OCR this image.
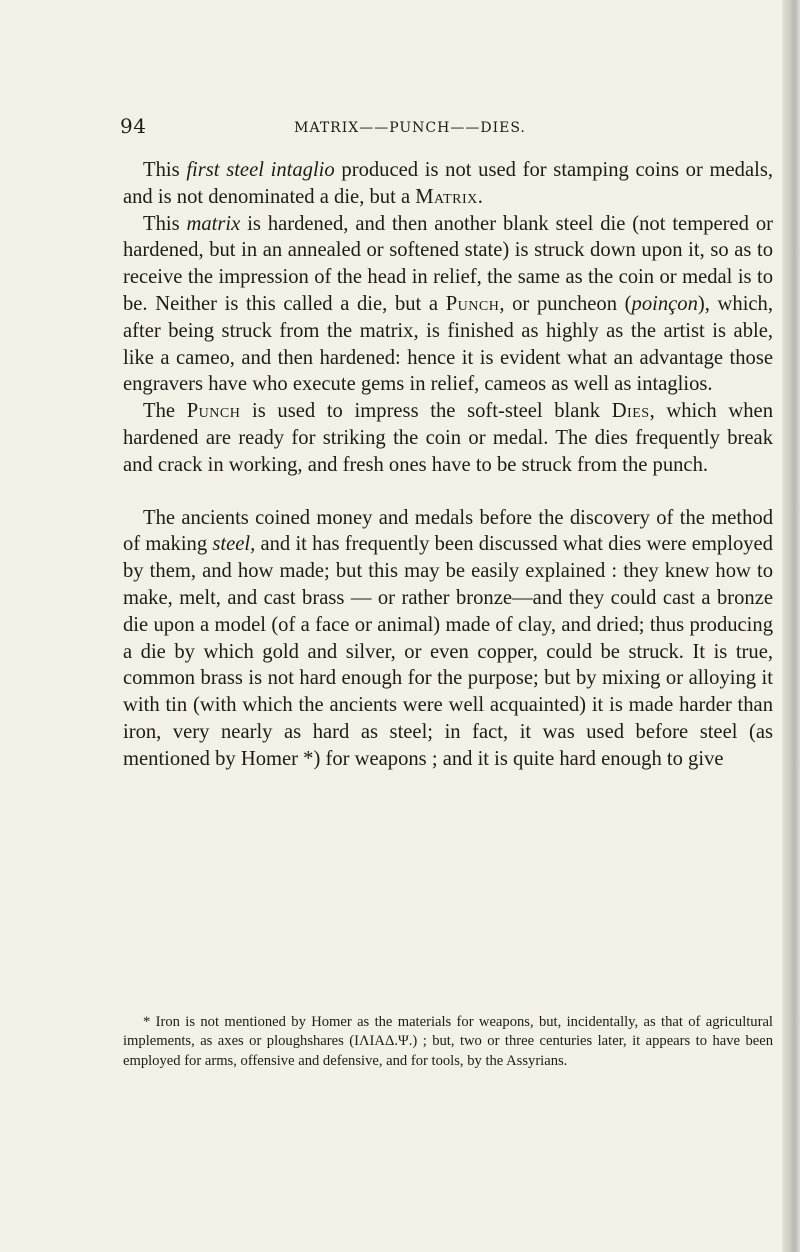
94	MATRIX——PUNCH——DIES.

This first steel intaglio produced is not used for stamping coins or medals, and is not denominated a die, but a Matrix.

This matrix is hardened, and then another blank steel die (not tempered or hardened, but in an annealed or softened state) is struck down upon it, so as to receive the impression of the head in relief, the same as the coin or medal is to be. Neither is this called a die, but a Punch, or puncheon (poinçon), which, after being struck from the matrix, is finished as highly as the artist is able, like a cameo, and then hardened: hence it is evident what an advantage those engravers have who execute gems in relief, cameos as well as intaglios.

The Punch is used to impress the soft-steel blank Dies, which when hardened are ready for striking the coin or medal. The dies frequently break and crack in working, and fresh ones have to be struck from the punch.

The ancients coined money and medals before the discovery of the method of making steel, and it has frequently been discussed what dies were employed by them, and how made; but this may be easily explained : they knew how to make, melt, and cast brass — or rather bronze—and they could cast a bronze die upon a model (of a face or animal) made of clay, and dried; thus producing a die by which gold and silver, or even copper, could be struck. It is true, common brass is not hard enough for the purpose; but by mixing or alloying it with tin (with which the ancients were well acquainted) it is made harder than iron, very nearly as hard as steel; in fact, it was used before steel (as mentioned by Homer *) for weapons ; and it is quite hard enough to give

* Iron is not mentioned by Homer as the materials for weapons, but, incidentally, as that of agricultural implements, as axes or ploughshares (ΙΛΙΑΔ.Ψ.) ; but, two or three centuries later, it appears to have been employed for arms, offensive and defensive, and for tools, by the Assyrians.
